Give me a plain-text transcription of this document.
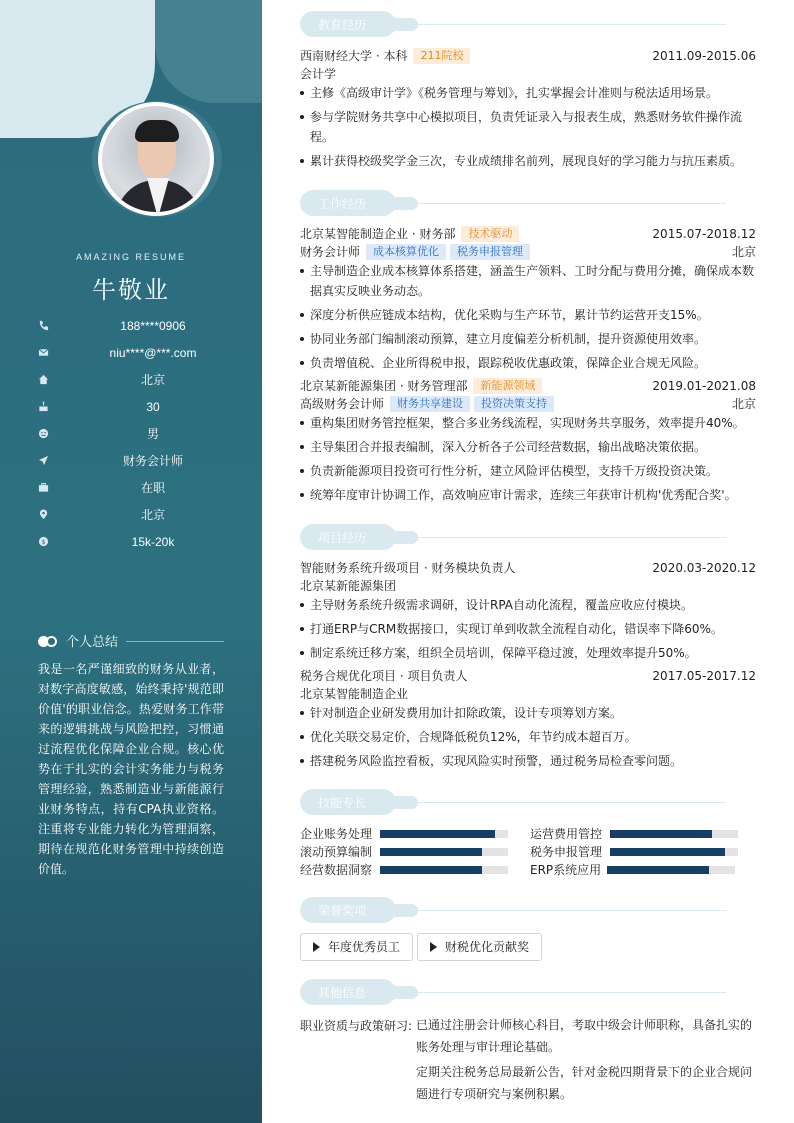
AMAZING RESUME
牛敬业
188****0906
niu****@***.com
北京
30
男
财务会计师
在职
北京
$	15k-20k
个人总结
我是一名严谨细致的财务从业者，对数字高度敏感，始终秉持'规范即价值'的职业信念。热爱财务工作带来的逻辑挑战与风险把控，习惯通过流程优化保障企业合规。核心优势在于扎实的会计实务能力与税务管理经验，熟悉制造业与新能源行业财务特点，持有CPA执业资格。注重将专业能力转化为管理洞察，期待在规范化财务管理中持续创造价值。
教育经历
西南财经大学 · 本科 211院校	2011.09-2015.06
会计学
主修《高级审计学》《税务管理与筹划》，扎实掌握会计准则与税法适用场景。
参与学院财务共享中心模拟项目，负责凭证录入与报表生成，熟悉财务软件操作流程。
累计获得校级奖学金三次，专业成绩排名前列，展现良好的学习能力与抗压素质。
工作经历
北京某智能制造企业 · 财务部 技术驱动	2015.07-2018.12
财务会计师 成本核算优化 税务申报管理	北京
主导制造企业成本核算体系搭建，涵盖生产领料、工时分配与费用分摊，确保成本数据真实反映业务动态。
深度分析供应链成本结构，优化采购与生产环节，累计节约运营开支15%。
协同业务部门编制滚动预算，建立月度偏差分析机制，提升资源使用效率。
负责增值税、企业所得税申报，跟踪税收优惠政策，保障企业合规无风险。
北京某新能源集团 · 财务管理部 新能源领域	2019.01-2021.08
高级财务会计师 财务共享建设 投资决策支持	北京
重构集团财务管控框架，整合多业务线流程，实现财务共享服务，效率提升40%。
主导集团合并报表编制，深入分析各子公司经营数据，输出战略决策依据。
负责新能源项目投资可行性分析，建立风险评估模型，支持千万级投资决策。
统筹年度审计协调工作，高效响应审计需求，连续三年获审计机构'优秀配合奖'。
项目经历
智能财务系统升级项目 · 财务模块负责人	2020.03-2020.12
北京某新能源集团
主导财务系统升级需求调研，设计RPA自动化流程，覆盖应收应付模块。
打通ERP与CRM数据接口，实现订单到收款全流程自动化，错误率下降60%。
制定系统迁移方案，组织全员培训，保障平稳过渡，处理效率提升50%。
税务合规优化项目 · 项目负责人	2017.05-2017.12
北京某智能制造企业
针对制造企业研发费用加计扣除政策，设计专项筹划方案。
优化关联交易定价，合规降低税负12%，年节约成本超百万。
搭建税务风险监控看板，实现风险实时预警，通过税务局检查零问题。
技能专长
企业账务处理	运营费用管控
滚动预算编制	税务申报管理
经营数据洞察	ERP系统应用
荣誉奖项
年度优秀员工	财税优化贡献奖
其他信息
职业资质与政策研习: 已通过注册会计师核心科目，考取中级会计师职称，具备扎实的账务处理与审计理论基础。
定期关注税务总局最新公告，针对金税四期背景下的企业合规问题进行专项研究与案例积累。
